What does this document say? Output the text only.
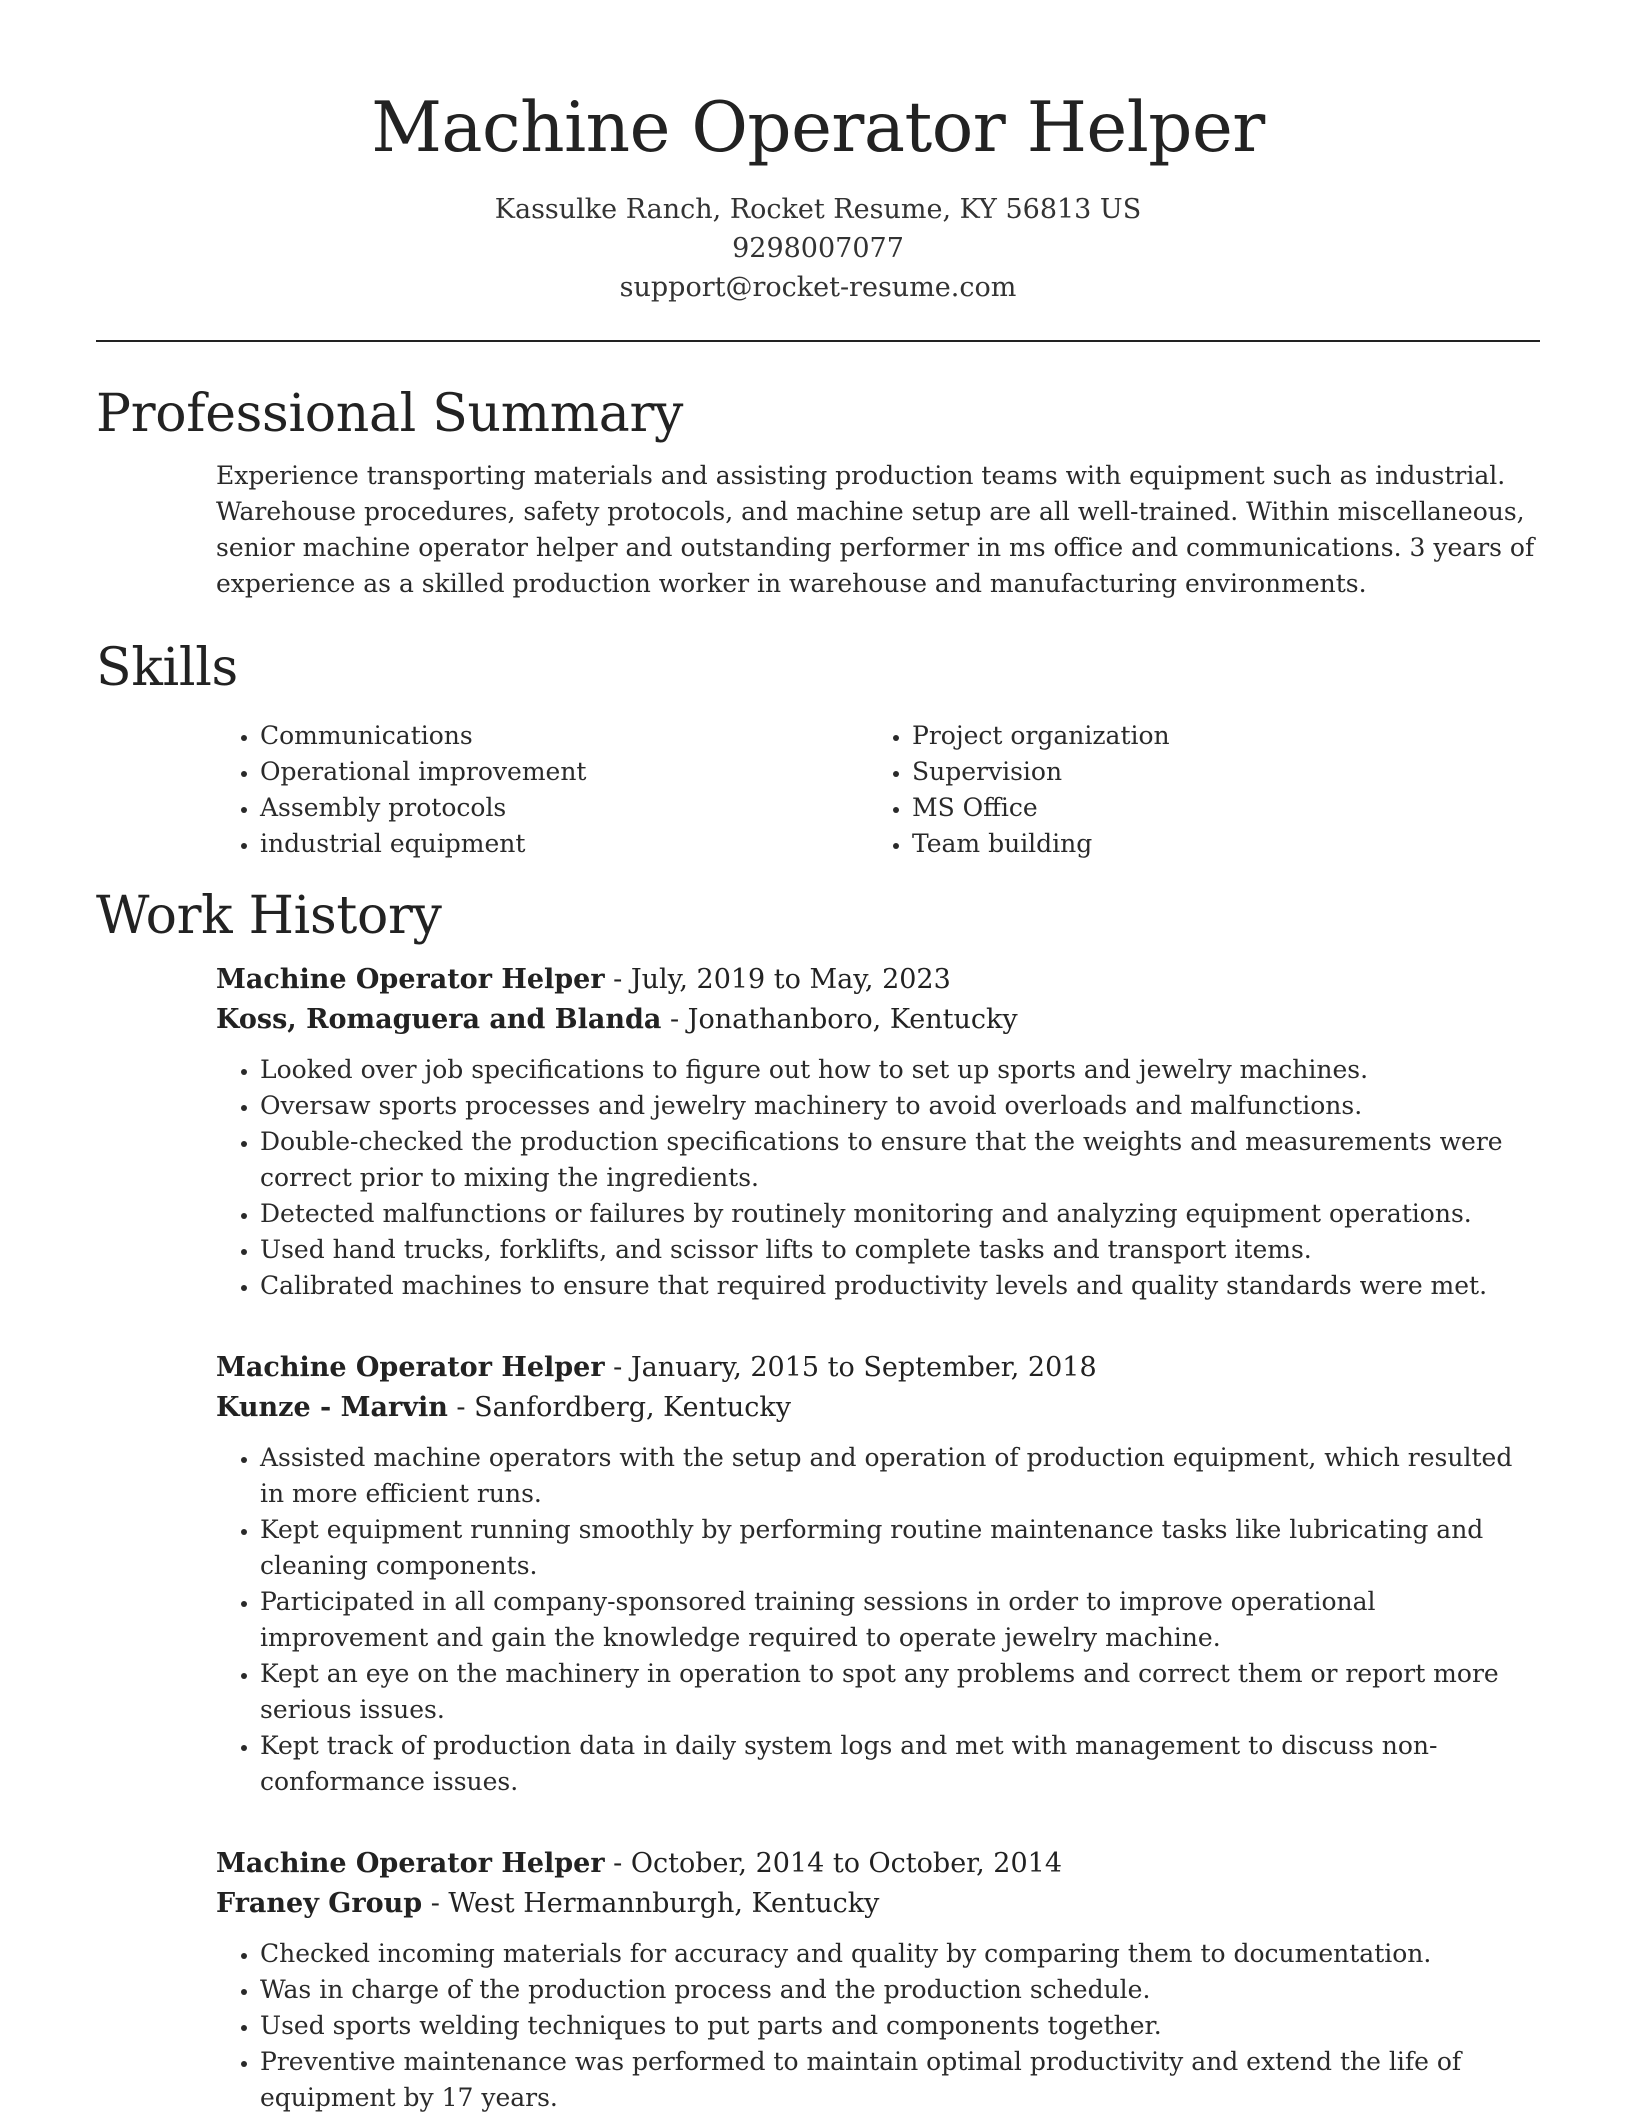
Machine Operator Helper
Kassulke Ranch, Rocket Resume, KY 56813 US
9298007077
support@rocket-resume.com
Professional Summary

Experience transporting materials and assisting production teams with equipment such as industrial. Warehouse procedures, safety protocols, and machine setup are all well-trained. Within miscellaneous, senior machine operator helper and outstanding performer in ms office and communications. 3 years of experience as a skilled production worker in warehouse and manufacturing environments.

Skills
• Communications
• Operational improvement
• Assembly protocols
• industrial equipment
• Project organization
• Supervision
• MS Office
• Team building
Work History
Machine Operator Helper - July, 2019 to May, 2023
Koss, Romaguera and Blanda - Jonathanboro, Kentucky
• Looked over job specifications to figure out how to set up sports and jewelry machines.
• Oversaw sports processes and jewelry machinery to avoid overloads and malfunctions.
• Double-checked the production specifications to ensure that the weights and measurements were correct prior to mixing the ingredients.
• Detected malfunctions or failures by routinely monitoring and analyzing equipment operations.
• Used hand trucks, forklifts, and scissor lifts to complete tasks and transport items.
• Calibrated machines to ensure that required productivity levels and quality standards were met.
Machine Operator Helper - January, 2015 to September, 2018
Kunze - Marvin - Sanfordberg, Kentucky
• Assisted machine operators with the setup and operation of production equipment, which resulted in more efficient runs.
• Kept equipment running smoothly by performing routine maintenance tasks like lubricating and cleaning components.
• Participated in all company-sponsored training sessions in order to improve operational improvement and gain the knowledge required to operate jewelry machine.
• Kept an eye on the machinery in operation to spot any problems and correct them or report more serious issues.
• Kept track of production data in daily system logs and met with management to discuss non-conformance issues.
Machine Operator Helper - October, 2014 to October, 2014
Franey Group - West Hermannburgh, Kentucky
• Checked incoming materials for accuracy and quality by comparing them to documentation.
• Was in charge of the production process and the production schedule.
• Used sports welding techniques to put parts and components together.
• Preventive maintenance was performed to maintain optimal productivity and extend the life of equipment by 17 years.
